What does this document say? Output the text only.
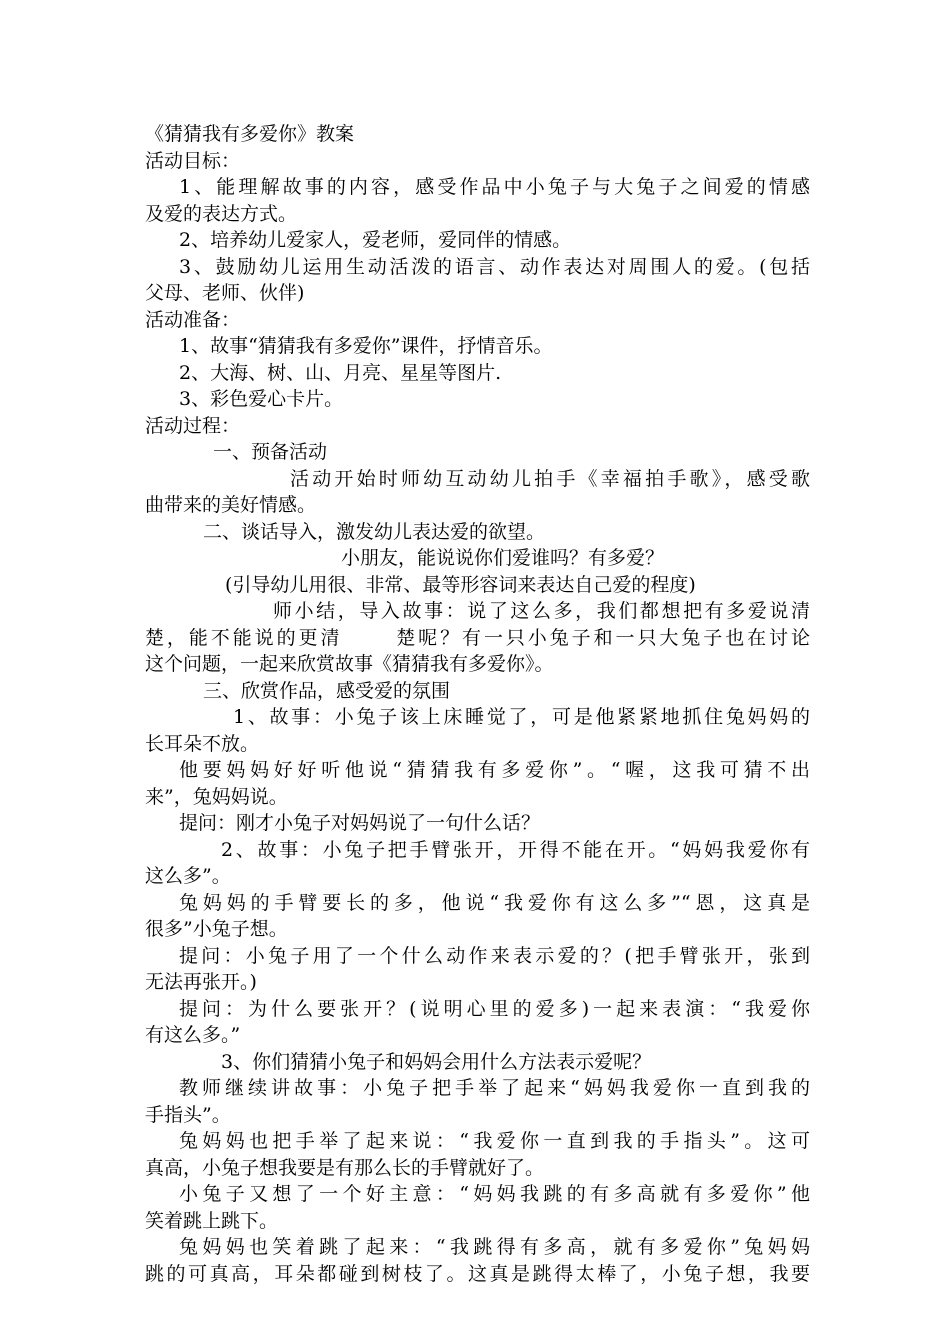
《猜猜我有多爱你》教案
活动目标：
1、能理解故事的内容，感受作品中小兔子与大兔子之间爱的情感
及爱的表达方式。
2、培养幼儿爱家人，爱老师，爱同伴的情感。
3、鼓励幼儿运用生动活泼的语言、动作表达对周围人的爱。(包括
父母、老师、伙伴)
活动准备：
1、故事“猜猜我有多爱你”课件，抒情音乐。
2、大海、树、山、月亮、星星等图片.
3、彩色爱心卡片。
活动过程：
一、预备活动
活动开始时师幼互动幼儿拍手《幸福拍手歌》，感受歌
曲带来的美好情感。
二、谈话导入，激发幼儿表达爱的欲望。
小朋友，能说说你们爱谁吗？有多爱？
(引导幼儿用很、非常、最等形容词来表达自己爱的程度)
师小结，导入故事：说了这么多，我们都想把有多爱说清
楚，能不能说的更清      楚呢？有一只小兔子和一只大兔子也在讨论
这个问题，一起来欣赏故事《猜猜我有多爱你》。
三、欣赏作品，感受爱的氛围
1、故事：小兔子该上床睡觉了，可是他紧紧地抓住兔妈妈的
长耳朵不放。
他要妈妈好好听他说“猜猜我有多爱你”。“喔，这我可猜不出
来”，兔妈妈说。
提问：刚才小兔子对妈妈说了一句什么话？
2、故事：小兔子把手臂张开，开得不能在开。“妈妈我爱你有
这么多”。
兔妈妈的手臂要长的多，他说“我爱你有这么多”“恩，这真是
很多”小兔子想。
提问：小兔子用了一个什么动作来表示爱的？(把手臂张开，张到
无法再张开。)
提问：为什么要张开？(说明心里的爱多)一起来表演：“我爱你
有这么多。”
3、你们猜猜小兔子和妈妈会用什么方法表示爱呢？
教师继续讲故事：小兔子把手举了起来“妈妈我爱你一直到我的
手指头”。
兔妈妈也把手举了起来说：“我爱你一直到我的手指头”。这可
真高，小兔子想我要是有那么长的手臂就好了。
小兔子又想了一个好主意：“妈妈我跳的有多高就有多爱你”他
笑着跳上跳下。
兔妈妈也笑着跳了起来：“我跳得有多高，就有多爱你”兔妈妈
跳的可真高，耳朵都碰到树枝了。这真是跳得太棒了，小兔子想，我要
